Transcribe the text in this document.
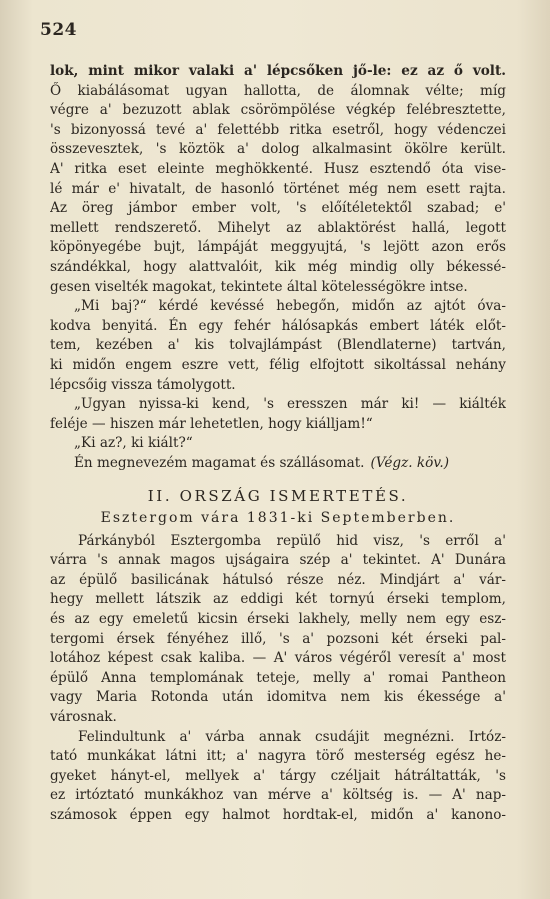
524
lok, mint mikor valaki a' lépcsőken jő-le: ez az ő volt.
Ő kiabálásomat ugyan hallotta, de álomnak vélte; míg
végre a' bezuzott ablak csörömpölése végkép felébresztette,
's bizonyossá tevé a' felettébb ritka esetről, hogy védenczei
összevesztek, 's köztök a' dolog alkalmasint ökölre került.
A' ritka eset eleinte meghökkenté. Husz esztendő óta vise-
lé már e' hivatalt, de hasonló történet még nem esett rajta.
Az öreg jámbor ember volt, 's előítéletektől szabad; e'
mellett rendszerető. Mihelyt az ablaktörést hallá, legott
köpönyegébe bujt, lámpáját meggyujtá, 's lejött azon erős
szándékkal, hogy alattvalóit, kik még mindig olly békessé-
gesen viselték magokat, tekintete által kötelességökre intse.
„Mi baj?“ kérdé kevéssé hebegőn, midőn az ajtót óva-
kodva benyitá. Én egy fehér hálósapkás embert láték előt-
tem, kezében a' kis tolvajlámpást (Blendlaterne) tartván,
ki midőn engem eszre vett, félig elfojtott sikoltással nehány
lépcsőig vissza támolygott.
„Ugyan nyissa-ki kend, 's eresszen már ki! — kiálték
feléje — hiszen már lehetetlen, hogy kiálljam!“
„Ki az?, ki kiált?“
Én megnevezém magamat és szállásomat. (Végz. köv.)
II. ORSZÁG ISMERTETÉS.
Esztergom vára 1831-ki Septemberben.
Párkányból Esztergomba repülő hid visz, 's erről a'
várra 's annak magos ujságaira szép a' tekintet. A' Dunára
az épülő basilicának hátulsó része néz. Mindjárt a' vár-
hegy mellett látszik az eddigi két tornyú érseki templom,
és az egy emeletű kicsin érseki lakhely, melly nem egy esz-
tergomi érsek fényéhez illő, 's a' pozsoni két érseki pal-
lotához képest csak kaliba. — A' város végéről veresít a' most
épülő Anna templomának teteje, melly a' romai Pantheon
vagy Maria Rotonda után idomitva nem kis ékessége a'
városnak.
Felindultunk a' várba annak csudájit megnézni. Irtóz-
tató munkákat látni itt; a' nagyra törő mesterség egész he-
gyeket hányt-el, mellyek a' tárgy czéljait hátráltatták, 's
ez irtóztató munkákhoz van mérve a' költség is. — A' nap-
számosok éppen egy halmot hordtak-el, midőn a' kanono-
